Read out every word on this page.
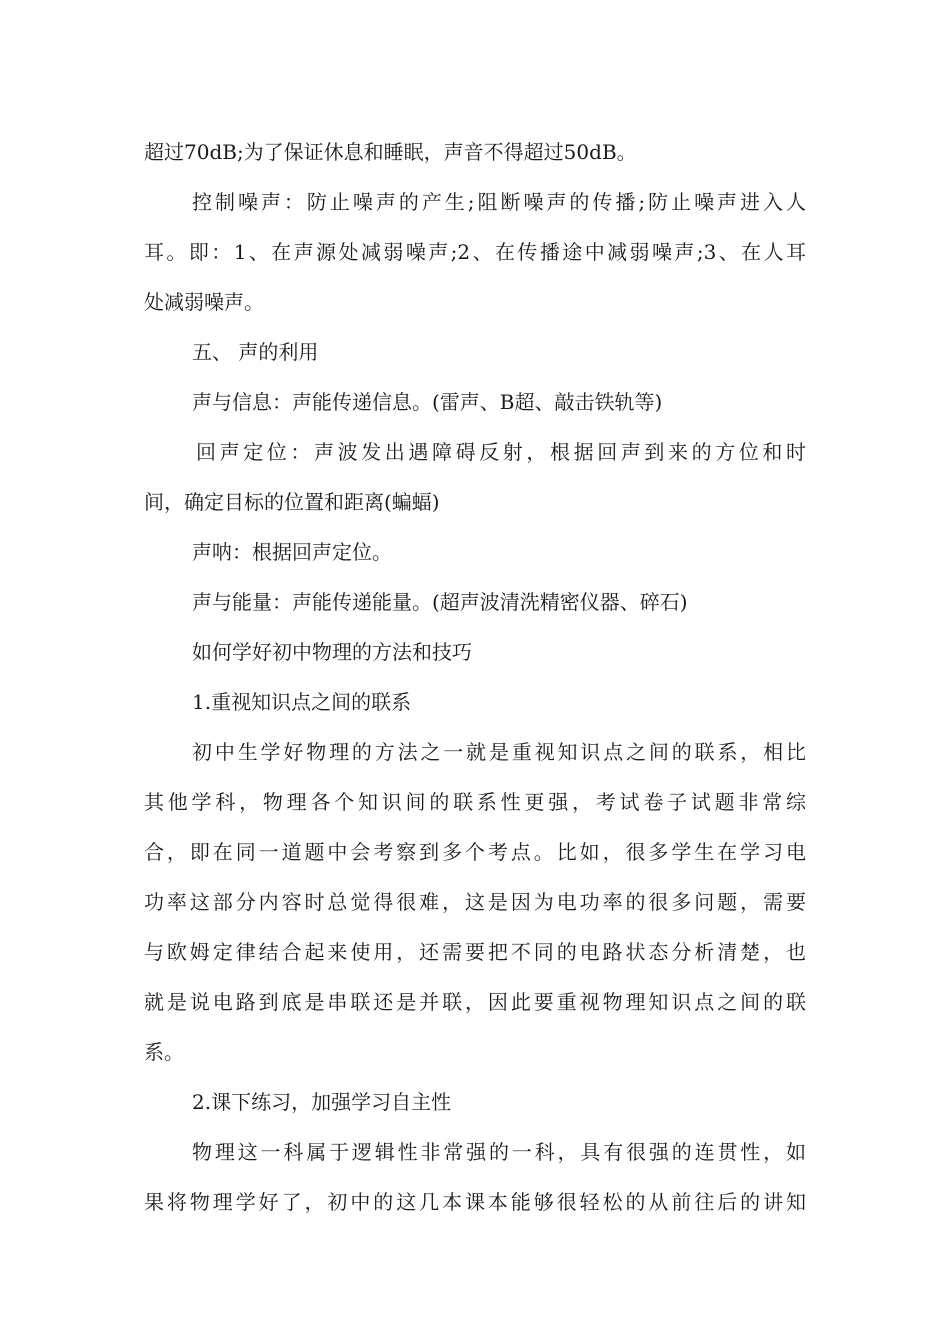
超过70dB;为了保证休息和睡眠，声音不得超过50dB。
控制噪声：防止噪声的产生;阻断噪声的传播;防止噪声进入人
耳。即：1、在声源处减弱噪声;2、在传播途中减弱噪声;3、在人耳
处减弱噪声。
五、 声的利用
声与信息：声能传递信息。(雷声、B超、敲击铁轨等)
回声定位：声波发出遇障碍反射，根据回声到来的方位和时
间，确定目标的位置和距离(蝙蝠)
声呐：根据回声定位。
声与能量：声能传递能量。(超声波清洗精密仪器、碎石)
如何学好初中物理的方法和技巧
1.重视知识点之间的联系
初中生学好物理的方法之一就是重视知识点之间的联系，相比
其他学科，物理各个知识间的联系性更强，考试卷子试题非常综
合，即在同一道题中会考察到多个考点。比如，很多学生在学习电
功率这部分内容时总觉得很难，这是因为电功率的很多问题，需要
与欧姆定律结合起来使用，还需要把不同的电路状态分析清楚，也
就是说电路到底是串联还是并联，因此要重视物理知识点之间的联
系。
2.课下练习，加强学习自主性
物理这一科属于逻辑性非常强的一科，具有很强的连贯性，如
果将物理学好了，初中的这几本课本能够很轻松的从前往后的讲知
